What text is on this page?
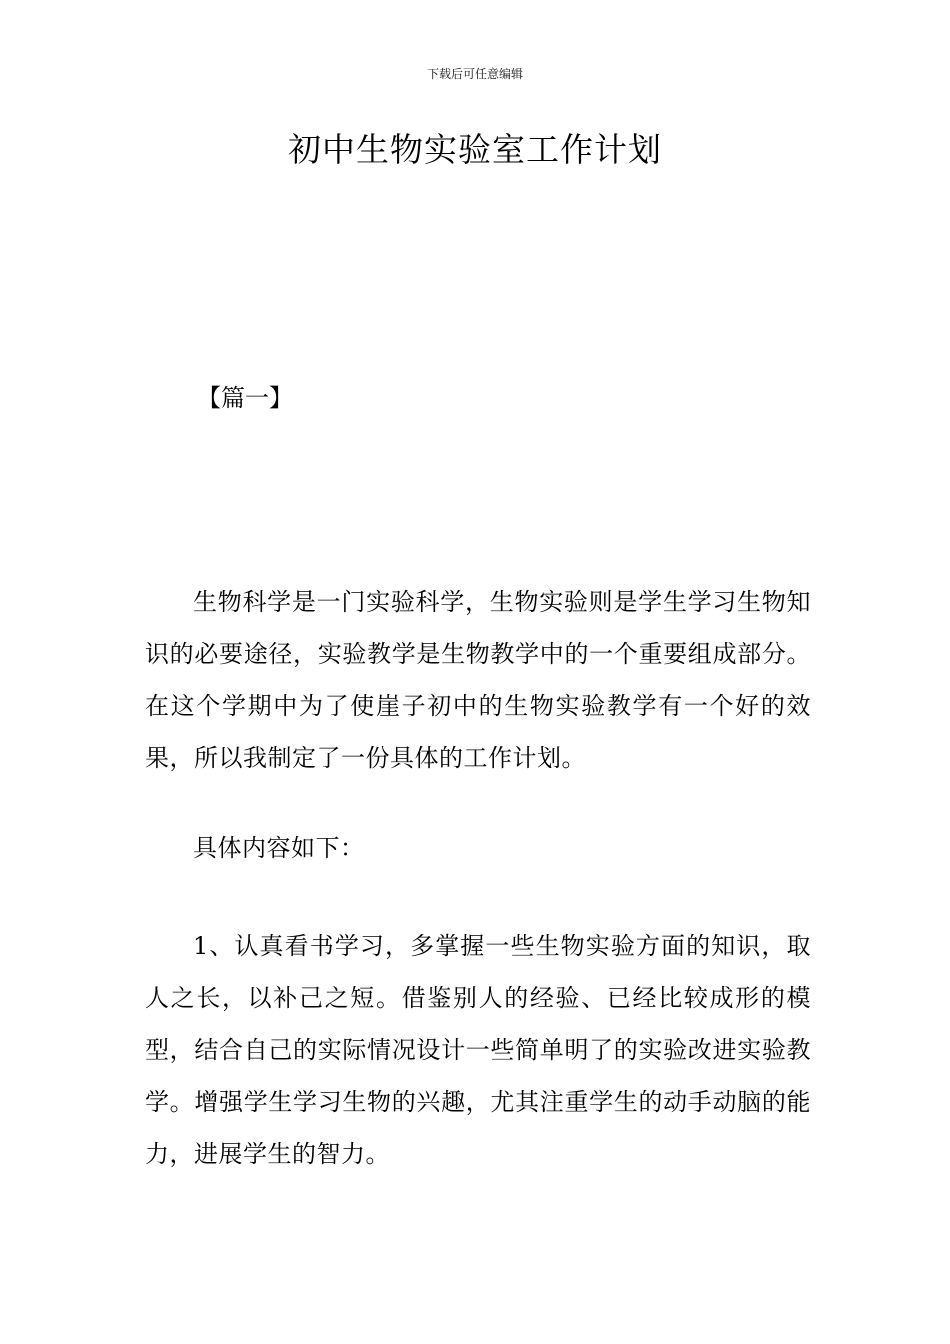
下载后可任意编辑
初中生物实验室工作计划
【篇一】

生物科学是一门实验科学，生物实验则是学生学习生物知识的必要途径，实验教学是生物教学中的一个重要组成部分。在这个学期中为了使崖子初中的生物实验教学有一个好的效果，所以我制定了一份具体的工作计划。

具体内容如下：

1、认真看书学习，多掌握一些生物实验方面的知识，取人之长，以补己之短。借鉴别人的经验、已经比较成形的模型，结合自己的实际情况设计一些简单明了的实验改进实验教学。增强学生学习生物的兴趣，尤其注重学生的动手动脑的能力，进展学生的智力。
